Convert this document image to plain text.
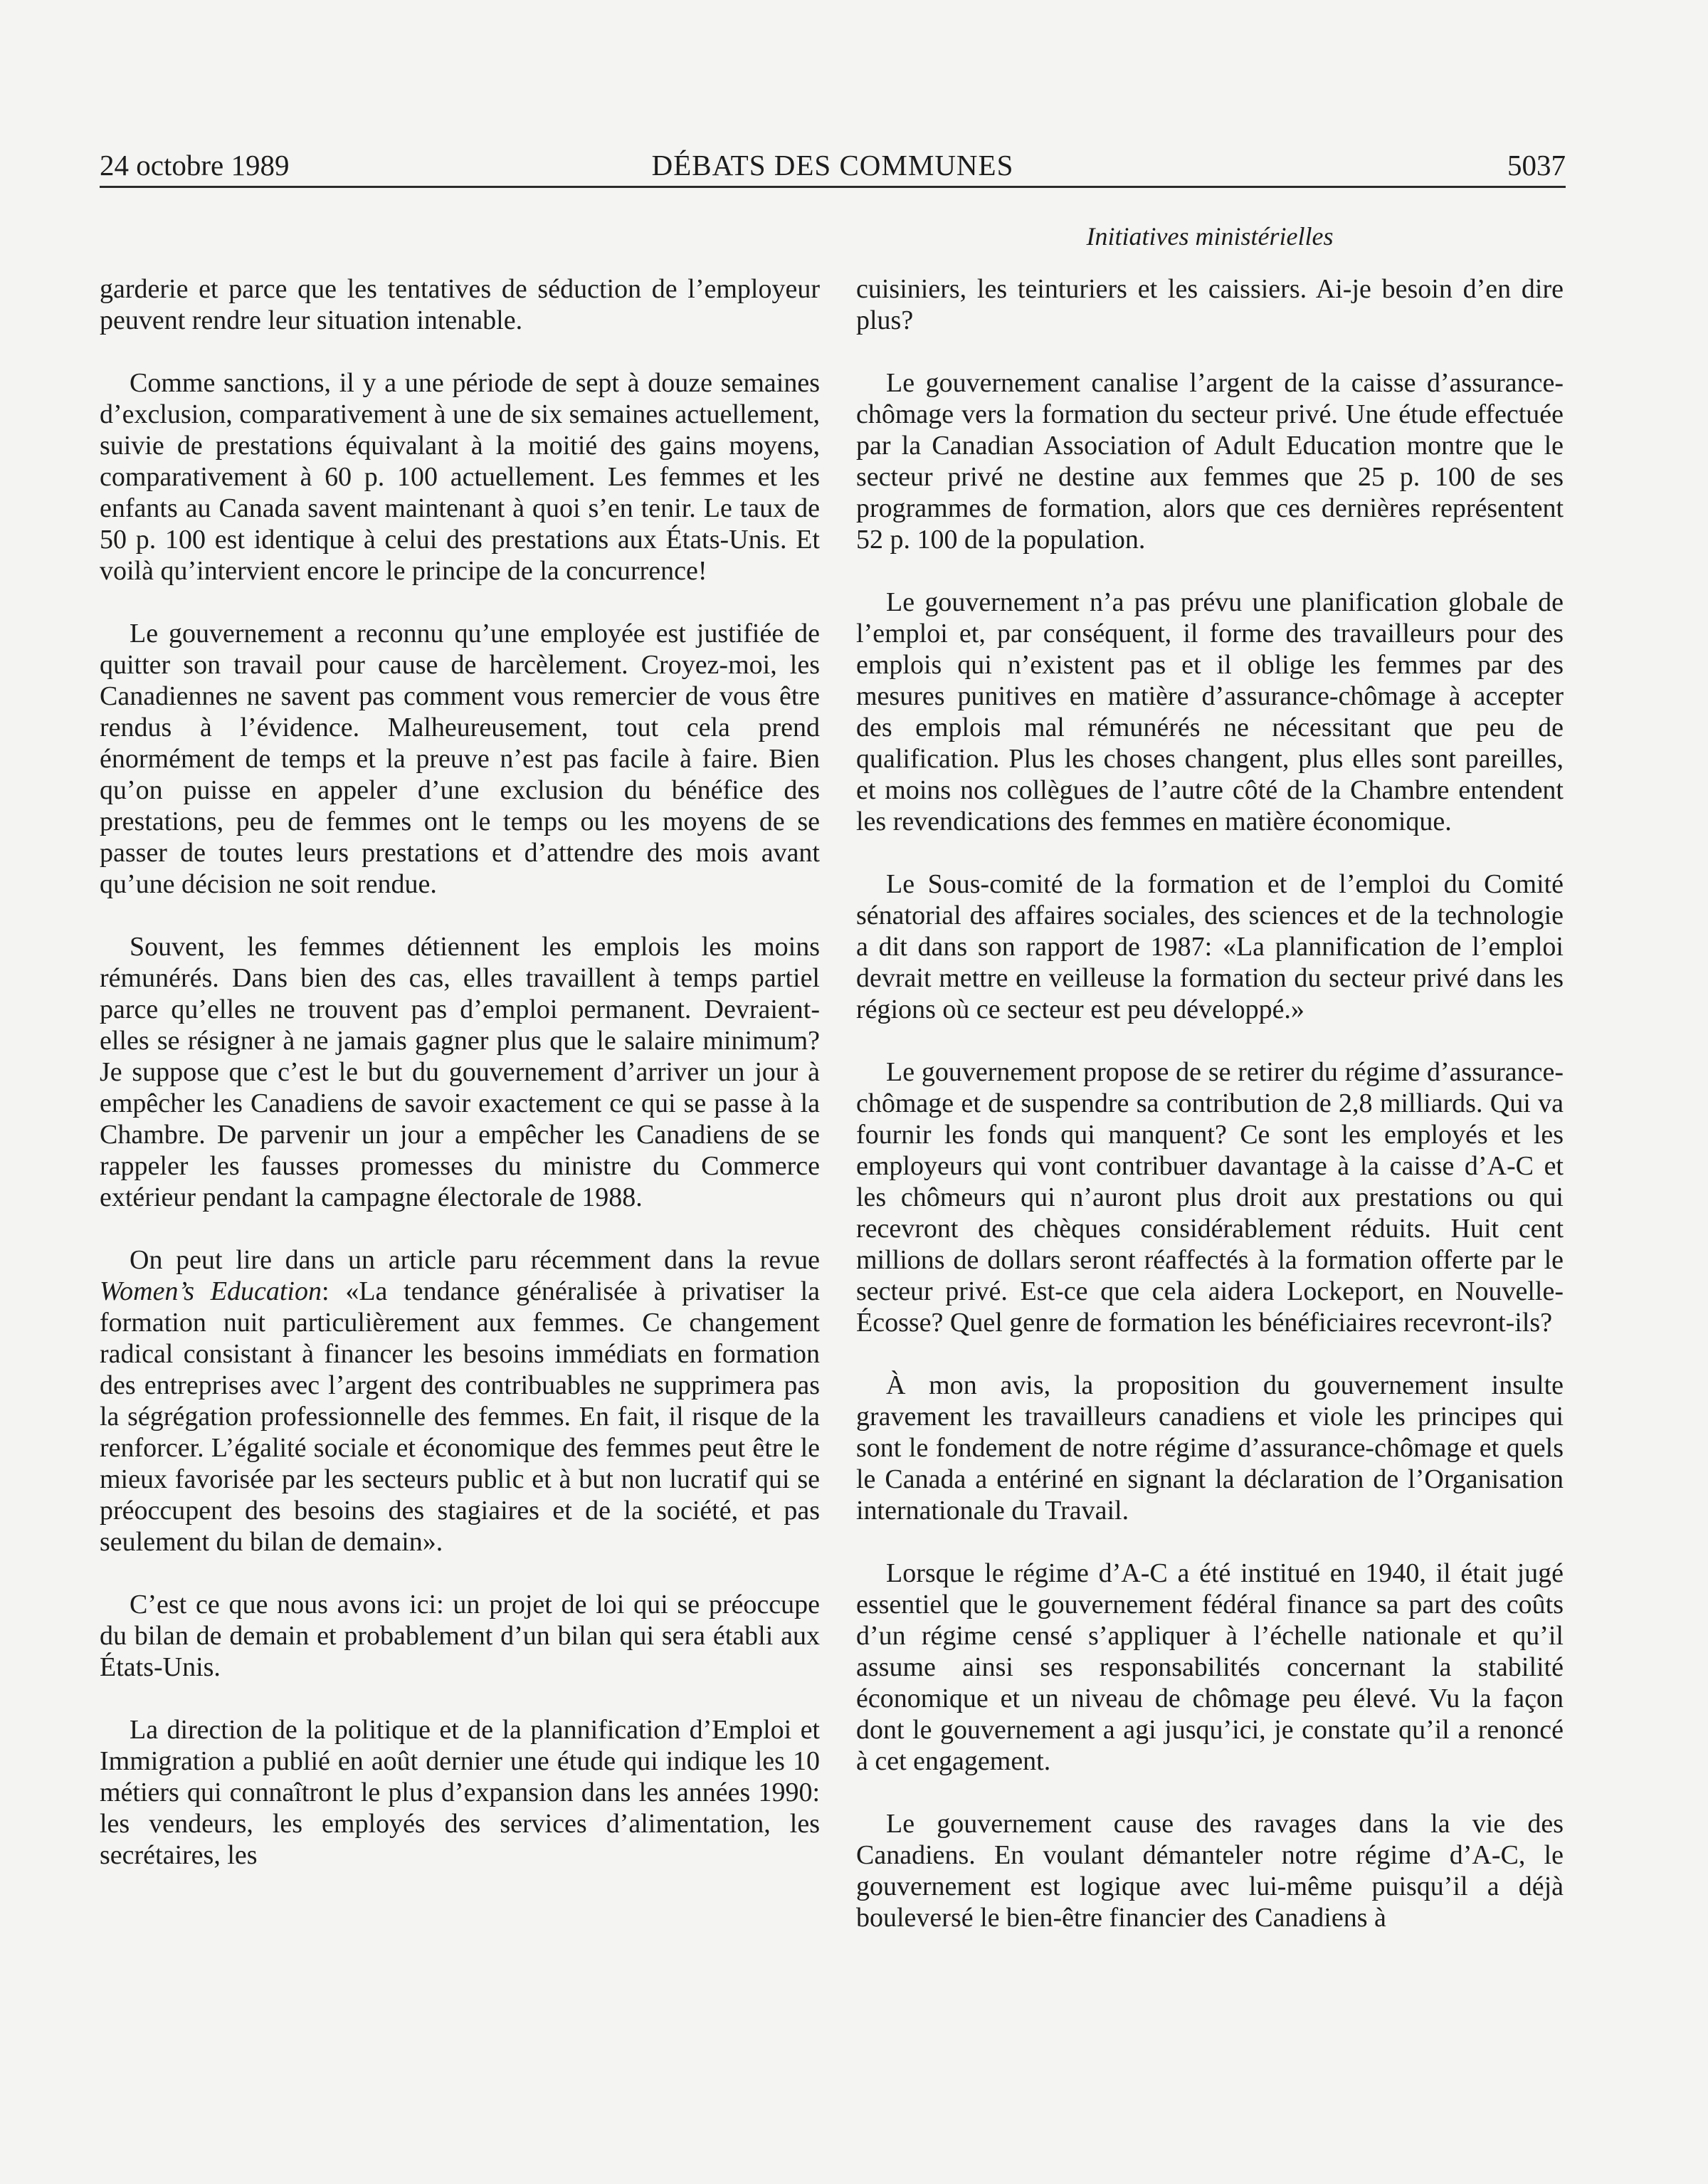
DÉBATS DES COMMUNES
24 octobre 1989	5037
Initiatives ministérielles

garderie et parce que les tentatives de séduction de l’employeur peuvent rendre leur situation intenable.

Comme sanctions, il y a une période de sept à douze semaines d’exclusion, comparativement à une de six semaines actuellement, suivie de prestations équivalant à la moitié des gains moyens, comparativement à 60 p. 100 actuellement. Les femmes et les enfants au Canada savent maintenant à quoi s’en tenir. Le taux de 50 p. 100 est identique à celui des prestations aux États-Unis. Et voilà qu’intervient encore le principe de la concurrence!

Le gouvernement a reconnu qu’une employée est justifiée de quitter son travail pour cause de harcèlement. Croyez-moi, les Canadiennes ne savent pas comment vous remercier de vous être rendus à l’évidence. Malheureusement, tout cela prend énormément de temps et la preuve n’est pas facile à faire. Bien qu’on puisse en appeler d’une exclusion du bénéfice des prestations, peu de femmes ont le temps ou les moyens de se passer de toutes leurs prestations et d’attendre des mois avant qu’une décision ne soit rendue.

Souvent, les femmes détiennent les emplois les moins rémunérés. Dans bien des cas, elles travaillent à temps partiel parce qu’elles ne trouvent pas d’emploi permanent. Devraient-elles se résigner à ne jamais gagner plus que le salaire minimum? Je suppose que c’est le but du gouvernement d’arriver un jour à empêcher les Canadiens de savoir exactement ce qui se passe à la Chambre. De parvenir un jour a empêcher les Canadiens de se rappeler les fausses promesses du ministre du Commerce extérieur pendant la campagne électorale de 1988.

On peut lire dans un article paru récemment dans la revue Women’s Education: «La tendance généralisée à privatiser la formation nuit particulièrement aux femmes. Ce changement radical consistant à financer les besoins immédiats en formation des entreprises avec l’argent des contribuables ne supprimera pas la ségrégation professionnelle des femmes. En fait, il risque de la renforcer. L’égalité sociale et économique des femmes peut être le mieux favorisée par les secteurs public et à but non lucratif qui se préoccupent des besoins des stagiaires et de la société, et pas seulement du bilan de demain».

C’est ce que nous avons ici: un projet de loi qui se préoccupe du bilan de demain et probablement d’un bilan qui sera établi aux États-Unis.

La direction de la politique et de la plannification d’Emploi et Immigration a publié en août dernier une étude qui indique les 10 métiers qui connaîtront le plus d’expansion dans les années 1990: les vendeurs, les employés des services d’alimentation, les secrétaires, les

cuisiniers, les teinturiers et les caissiers. Ai-je besoin d’en dire plus?

Le gouvernement canalise l’argent de la caisse d’assurance-chômage vers la formation du secteur privé. Une étude effectuée par la Canadian Association of Adult Education montre que le secteur privé ne destine aux femmes que 25 p. 100 de ses programmes de formation, alors que ces dernières représentent 52 p. 100 de la population.

Le gouvernement n’a pas prévu une planification globale de l’emploi et, par conséquent, il forme des travailleurs pour des emplois qui n’existent pas et il oblige les femmes par des mesures punitives en matière d’assurance-chômage à accepter des emplois mal rémunérés ne nécessitant que peu de qualification. Plus les choses changent, plus elles sont pareilles, et moins nos collègues de l’autre côté de la Chambre entendent les revendications des femmes en matière économique.

Le Sous-comité de la formation et de l’emploi du Comité sénatorial des affaires sociales, des sciences et de la technologie a dit dans son rapport de 1987: «La plannification de l’emploi devrait mettre en veilleuse la formation du secteur privé dans les régions où ce secteur est peu développé.»

Le gouvernement propose de se retirer du régime d’assurance-chômage et de suspendre sa contribution de 2,8 milliards. Qui va fournir les fonds qui manquent? Ce sont les employés et les employeurs qui vont contribuer davantage à la caisse d’A-C et les chômeurs qui n’auront plus droit aux prestations ou qui recevront des chèques considérablement réduits. Huit cent millions de dollars seront réaffectés à la formation offerte par le secteur privé. Est-ce que cela aidera Lockeport, en Nouvelle-Écosse? Quel genre de formation les bénéficiaires recevront-ils?

À mon avis, la proposition du gouvernement insulte gravement les travailleurs canadiens et viole les principes qui sont le fondement de notre régime d’assurance-chômage et quels le Canada a entériné en signant la déclaration de l’Organisation internationale du Travail.

Lorsque le régime d’A-C a été institué en 1940, il était jugé essentiel que le gouvernement fédéral finance sa part des coûts d’un régime censé s’appliquer à l’échelle nationale et qu’il assume ainsi ses responsabilités concernant la stabilité économique et un niveau de chômage peu élevé. Vu la façon dont le gouvernement a agi jusqu’ici, je constate qu’il a renoncé à cet engagement.

Le gouvernement cause des ravages dans la vie des Canadiens. En voulant démanteler notre régime d’A-C, le gouvernement est logique avec lui-même puisqu’il a déjà bouleversé le bien-être financier des Canadiens à
